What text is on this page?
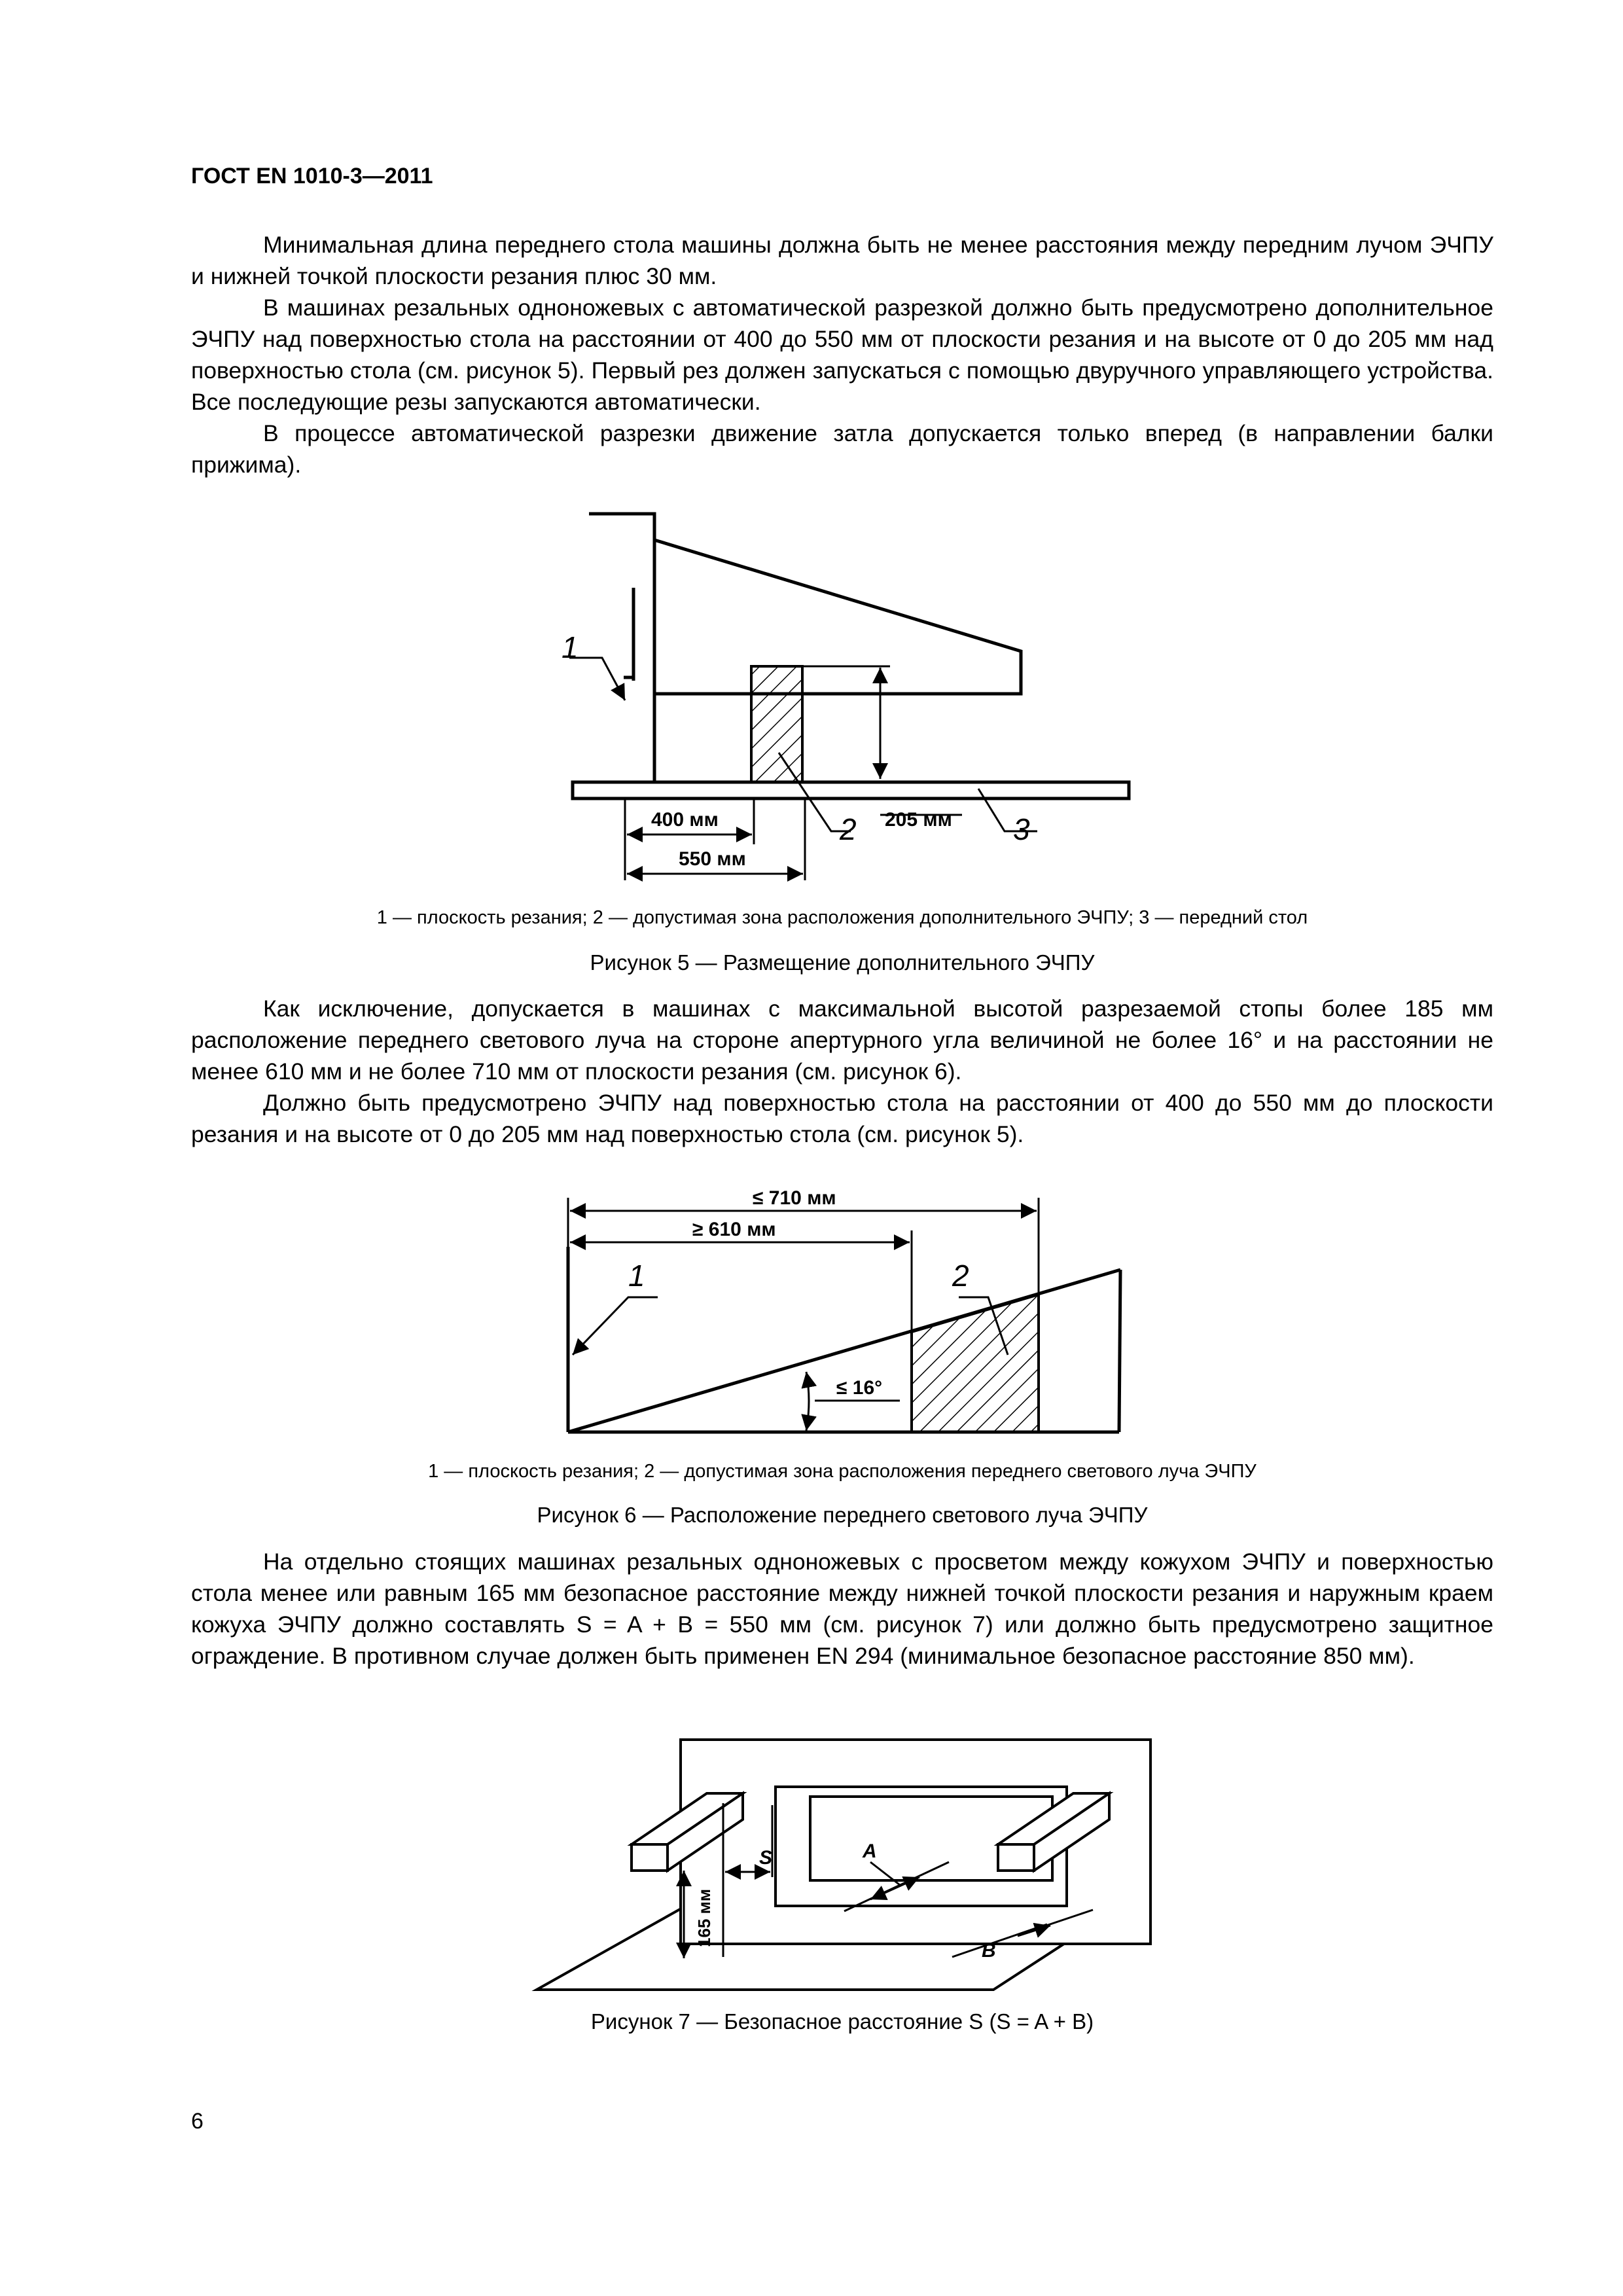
ГОСТ EN 1010-3—2011

Минимальная длина переднего стола машины должна быть не менее расстояния между передним лучом ЭЧПУ и нижней точкой плоскости резания плюс 30 мм.

В машинах резальных одноножевых с автоматической разрезкой должно быть предусмотрено дополнительное ЭЧПУ над поверхностью стола на расстоянии от 400 до 550 мм от плоскости резания и на высоте от 0 до 205 мм над поверхностью стола (см. рисунок 5). Первый рез должен запускаться с помощью двуручного управляющего устройства. Все последующие резы запускаются автоматически.

В процессе автоматической разрезки движение затла допускается только вперед (в направлении балки прижима).

1
2	3
400 мм
550 мм
205 мм
1 — плоскость резания; 2 — допустимая зона расположения дополнительного ЭЧПУ; 3 — передний стол
Рисунок 5 — Размещение дополнительного ЭЧПУ

Как исключение, допускается в машинах с максимальной высотой разрезаемой стопы более 185 мм расположение переднего светового луча на стороне апертурного угла величиной не более 16° и на расстоянии не менее 610 мм и не более 710 мм от плоскости резания (см. рисунок 6).

Должно быть предусмотрено ЭЧПУ над поверхностью стола на расстоянии от 400 до 550 мм до плоскости резания и на высоте от 0 до 205 мм над поверхностью стола (см. рисунок 5).

≤ 710 мм
≥ 610 мм
1	2
≤ 16°
1 — плоскость резания; 2 — допустимая зона расположения переднего светового луча ЭЧПУ
Рисунок 6 — Расположение переднего светового луча ЭЧПУ

На отдельно стоящих машинах резальных одноножевых с просветом между кожухом ЭЧПУ и поверхностью стола менее или равным 165 мм безопасное расстояние между нижней точкой плоскости резания и наружным краем кожуха ЭЧПУ должно составлять S = A + B = 550 мм (см. рисунок 7) или должно быть предусмотрено защитное ограждение. В противном случае должен быть применен EN 294 (минимальное безопасное расстояние 850 мм).

S	A
B
165 мм
Рисунок 7 — Безопасное расстояние S (S = A + B)
6
